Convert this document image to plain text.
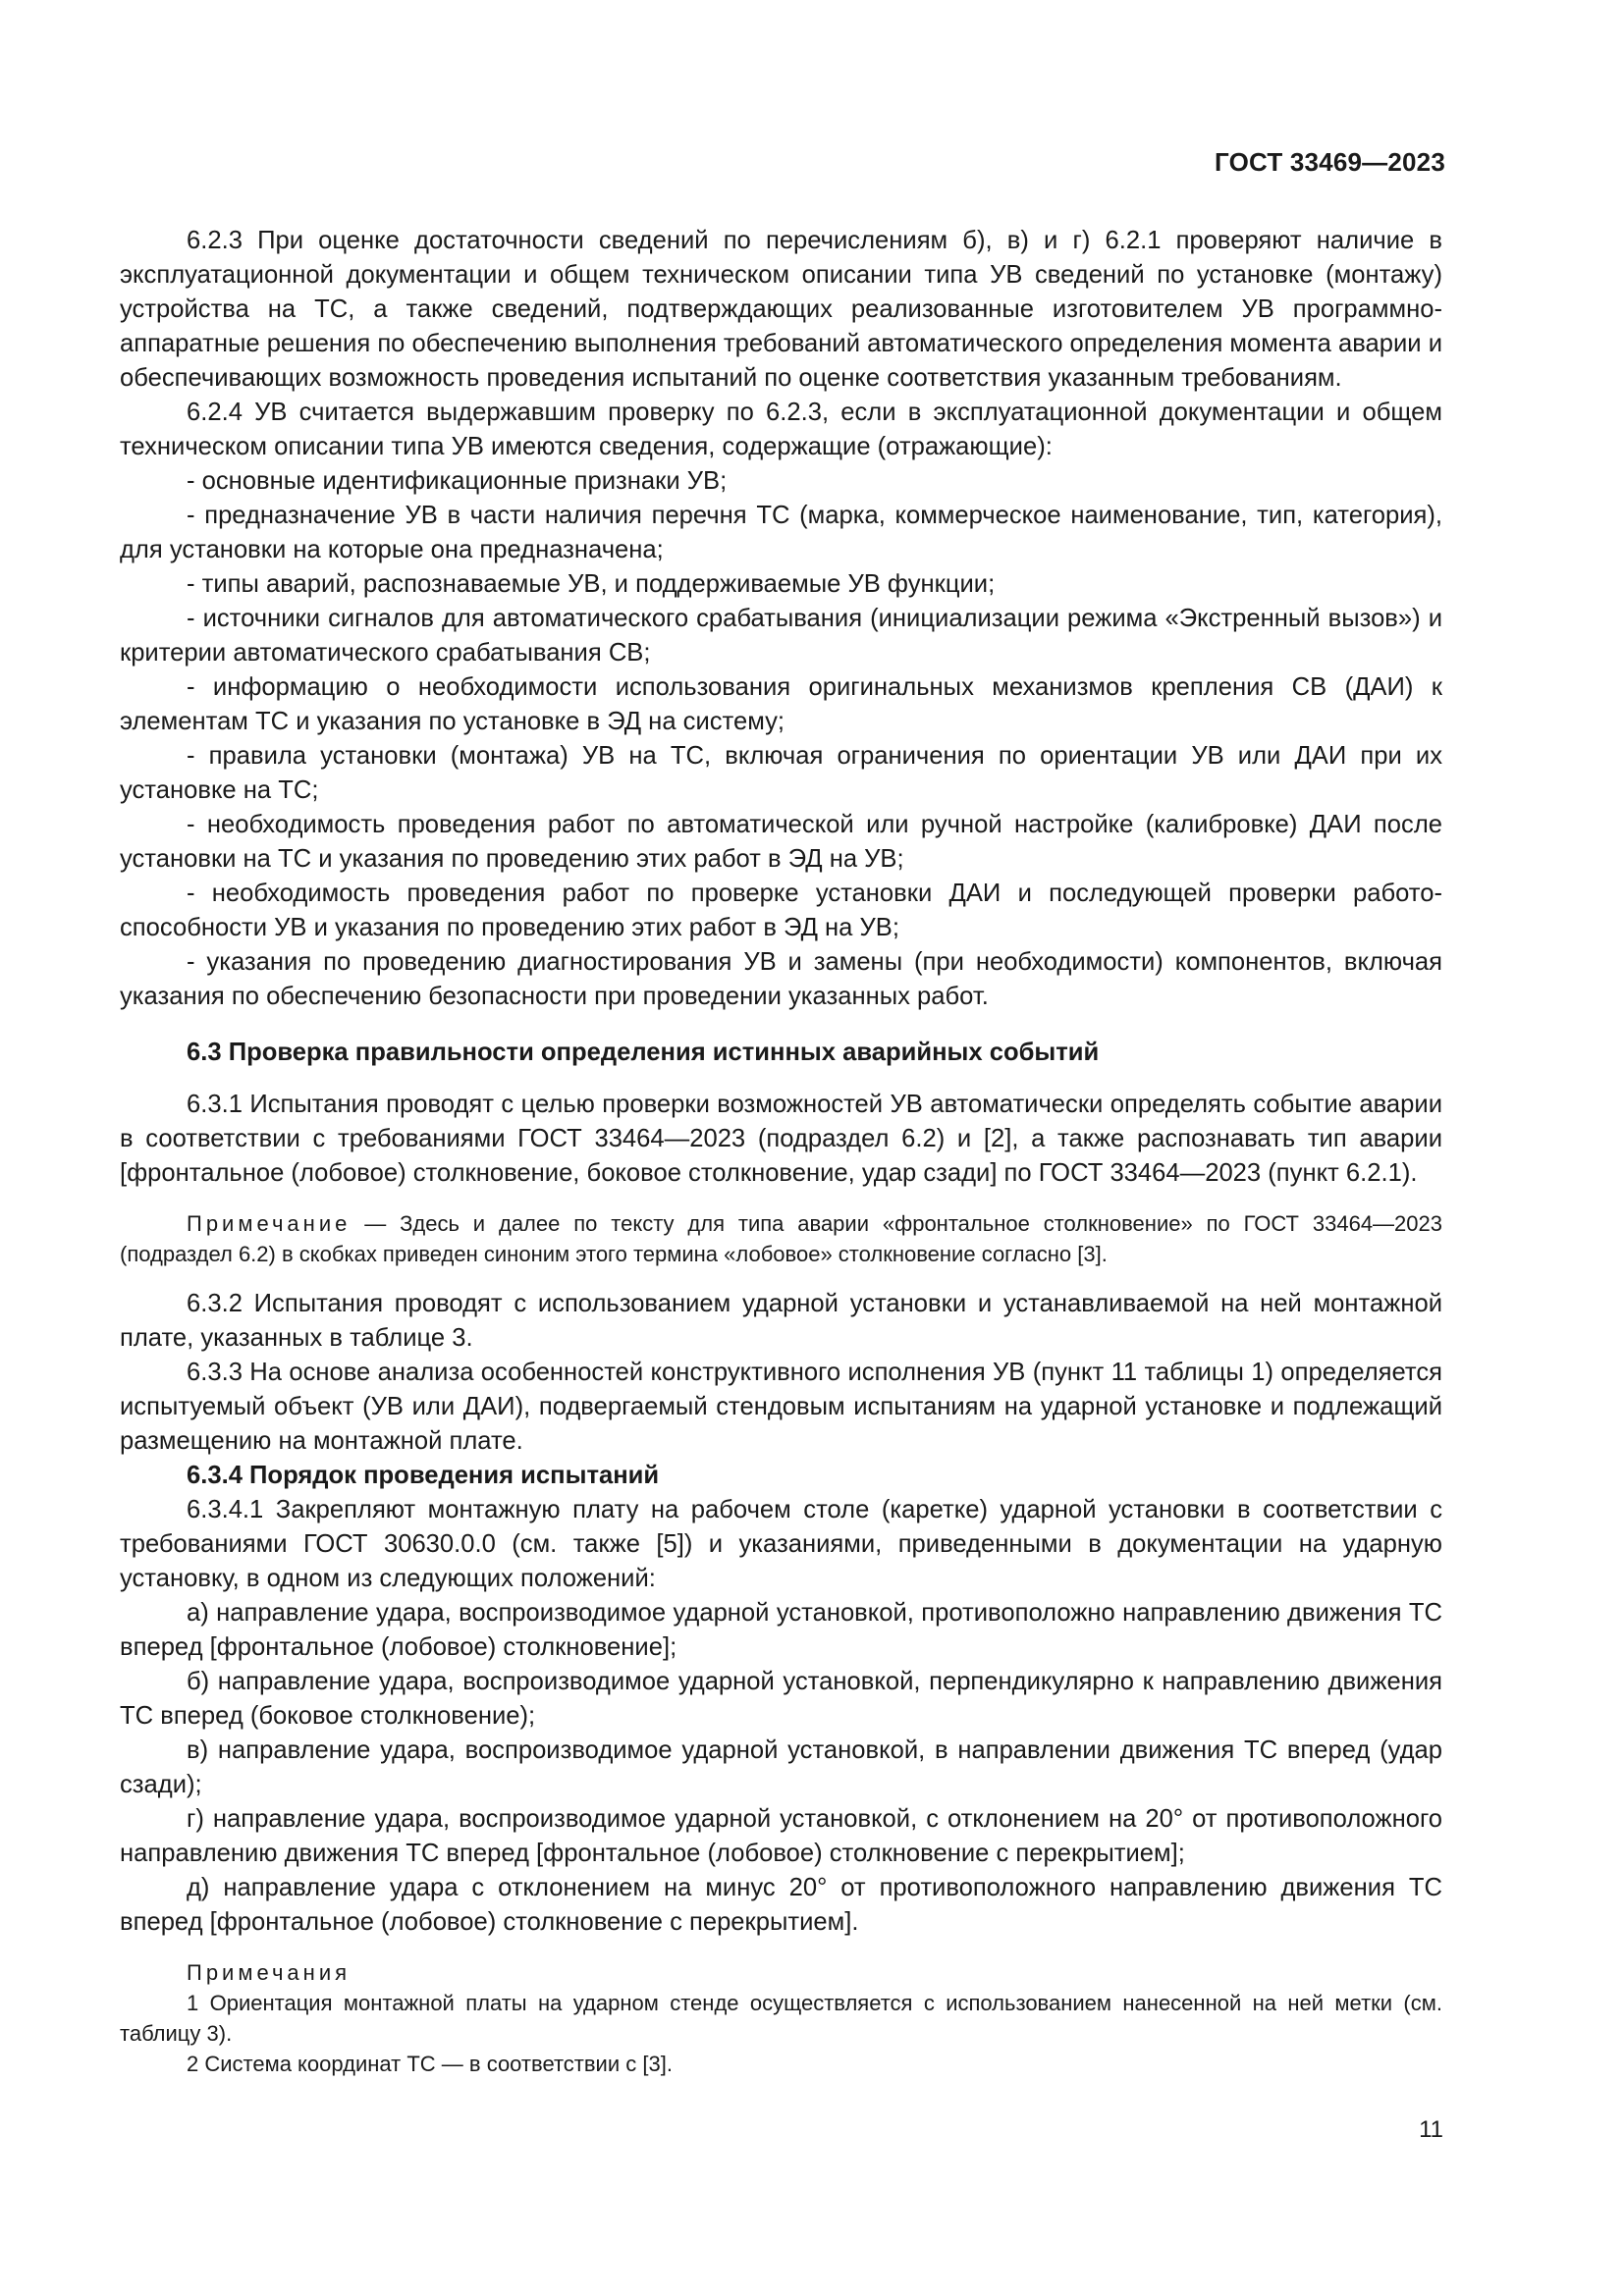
ГОСТ 33469—2023

6.2.3 При оценке достаточности сведений по перечислениям б), в) и г) 6.2.1 проверяют наличие в эксплуатационной документации и общем техническом описании типа УВ сведений по установке (монтажу) устройства на ТС, а также сведений, подтверждающих реализованные изготовителем УВ программно-аппаратные решения по обеспечению выполнения требований автоматического определения момента аварии и обеспечивающих возможность проведения испытаний по оценке соответствия указанным требованиям.

6.2.4 УВ считается выдержавшим проверку по 6.2.3, если в эксплуатационной документации и общем техническом описании типа УВ имеются сведения, содержащие (отражающие):

- основные идентификационные признаки УВ;

- предназначение УВ в части наличия перечня ТС (марка, коммерческое наименование, тип, категория), для установки на которые она предназначена;

- типы аварий, распознаваемые УВ, и поддерживаемые УВ функции;

- источники сигналов для автоматического срабатывания (инициализации режима «Экстренный вызов») и критерии автоматического срабатывания СВ;

- информацию о необходимости использования оригинальных механизмов крепления СВ (ДАИ) к элементам ТС и указания по установке в ЭД на систему;

- правила установки (монтажа) УВ на ТС, включая ограничения по ориентации УВ или ДАИ при их установке на ТС;

- необходимость проведения работ по автоматической или ручной настройке (калибровке) ДАИ после установки на ТС и указания по проведению этих работ в ЭД на УВ;

- необходимость проведения работ по проверке установки ДАИ и последующей проверки работоспособности УВ и указания по проведению этих работ в ЭД на УВ;

- указания по проведению диагностирования УВ и замены (при необходимости) компонентов, включая указания по обеспечению безопасности при проведении указанных работ.

6.3 Проверка правильности определения истинных аварийных событий

6.3.1 Испытания проводят с целью проверки возможностей УВ автоматически определять событие аварии в соответствии с требованиями ГОСТ 33464—2023 (подраздел 6.2) и [2], а также распознавать тип аварии [фронтальное (лобовое) столкновение, боковое столкновение, удар сзади] по ГОСТ 33464—2023 (пункт 6.2.1).

Примечание — Здесь и далее по тексту для типа аварии «фронтальное столкновение» по ГОСТ 33464—2023 (подраздел 6.2) в скобках приведен синоним этого термина «лобовое» столкновение согласно [3].

6.3.2 Испытания проводят с использованием ударной установки и устанавливаемой на ней монтажной плате, указанных в таблице 3.

6.3.3 На основе анализа особенностей конструктивного исполнения УВ (пункт 11 таблицы 1) определяется испытуемый объект (УВ или ДАИ), подвергаемый стендовым испытаниям на ударной установке и подлежащий размещению на монтажной плате.

6.3.4 Порядок проведения испытаний

6.3.4.1 Закрепляют монтажную плату на рабочем столе (каретке) ударной установки в соответствии с требованиями ГОСТ 30630.0.0 (см. также [5]) и указаниями, приведенными в документации на ударную установку, в одном из следующих положений:

а) направление удара, воспроизводимое ударной установкой, противоположно направлению движения ТС вперед [фронтальное (лобовое) столкновение];

б) направление удара, воспроизводимое ударной установкой, перпендикулярно к направлению движения ТС вперед (боковое столкновение);

в) направление удара, воспроизводимое ударной установкой, в направлении движения ТС вперед (удар сзади);

г) направление удара, воспроизводимое ударной установкой, с отклонением на 20° от противоположного направлению движения ТС вперед [фронтальное (лобовое) столкновение с перекрытием];

д) направление удара с отклонением на минус 20° от противоположного направлению движения ТС вперед [фронтальное (лобовое) столкновение с перекрытием].

Примечания

1 Ориентация монтажной платы на ударном стенде осуществляется с использованием нанесенной на ней метки (см. таблицу 3).

2 Система координат ТС — в соответствии с [3].

11
